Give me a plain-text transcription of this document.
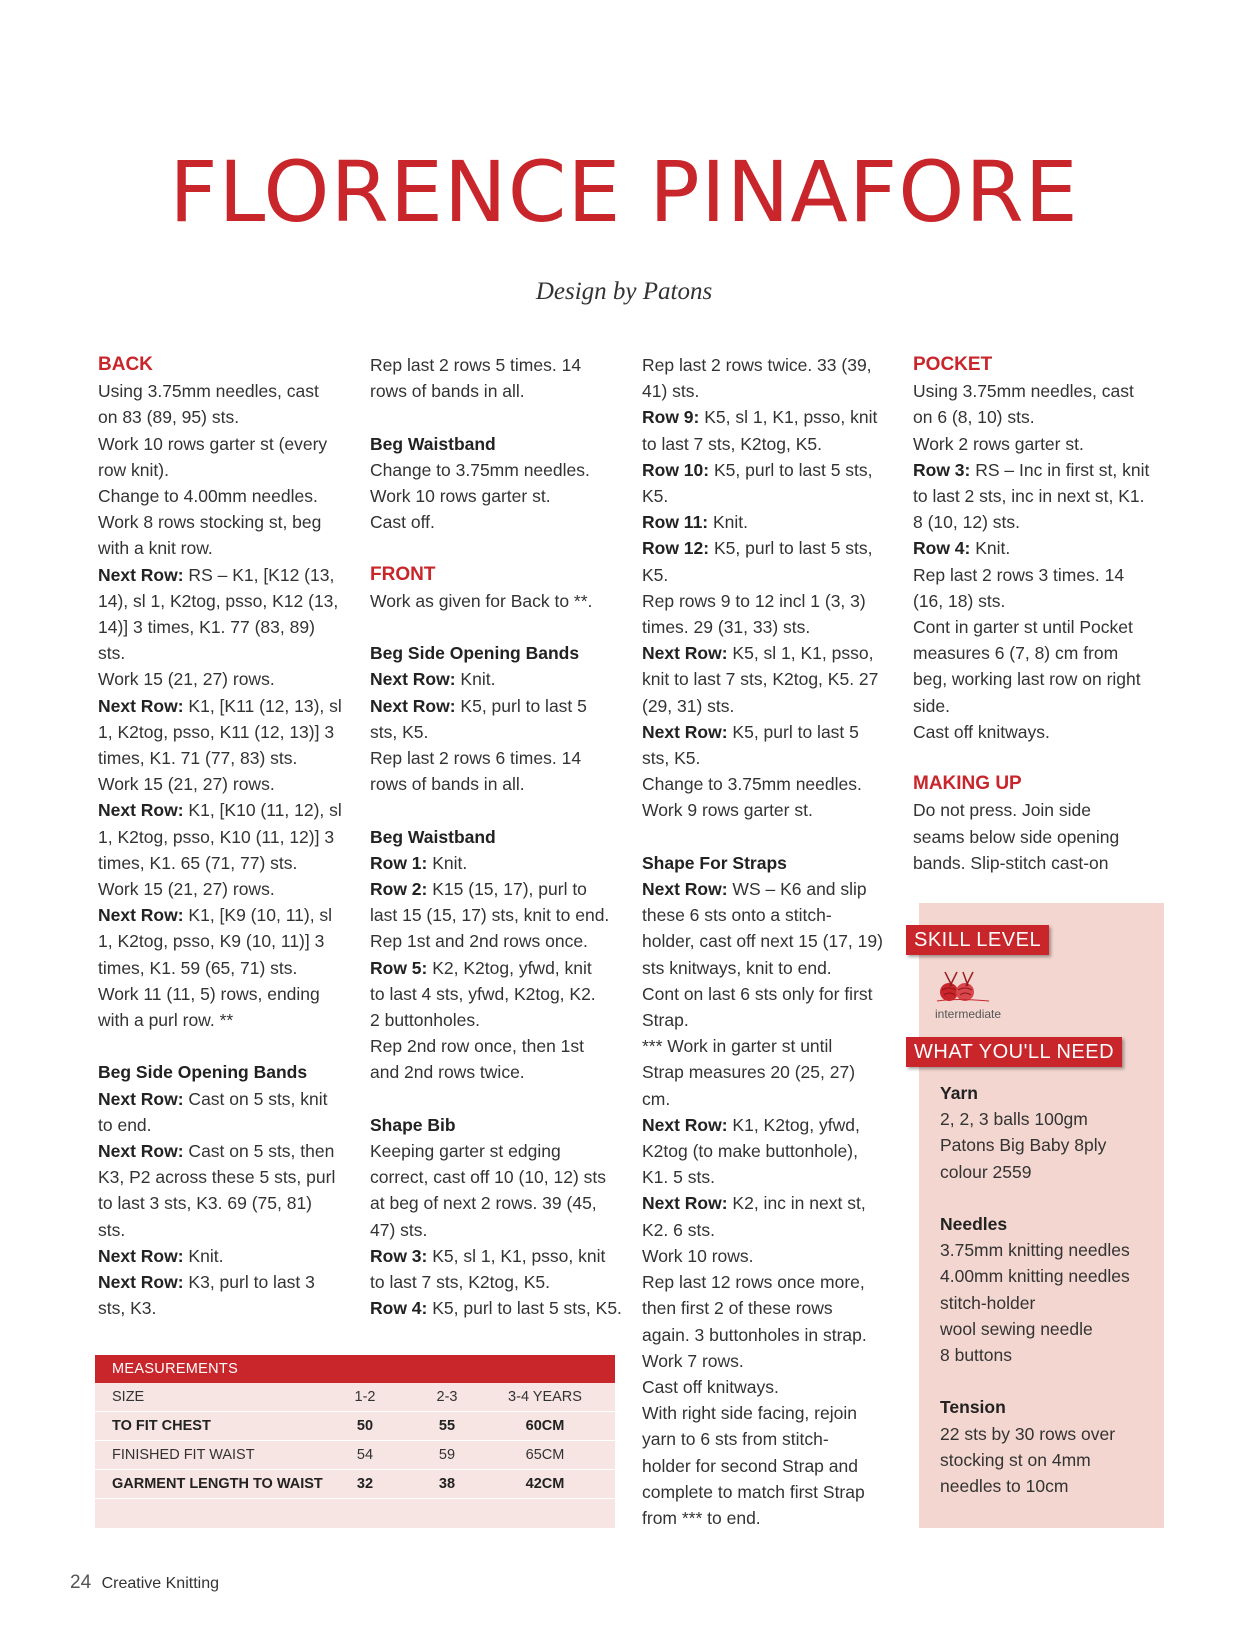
FLORENCE PINAFORE
Design by Patons
BACK
Using 3.75mm needles, cast
on 83 (89, 95) sts.
Work 10 rows garter st (every
row knit).
Change to 4.00mm needles.
Work 8 rows stocking st, beg
with a knit row.
Next Row: RS – K1, [K12 (13,
14), sl 1, K2tog, psso, K12 (13,
14)] 3 times, K1. 77 (83, 89)
sts.
Work 15 (21, 27) rows.
Next Row: K1, [K11 (12, 13), sl
1, K2tog, psso, K11 (12, 13)] 3
times, K1. 71 (77, 83) sts.
Work 15 (21, 27) rows.
Next Row: K1, [K10 (11, 12), sl
1, K2tog, psso, K10 (11, 12)] 3
times, K1. 65 (71, 77) sts.
Work 15 (21, 27) rows.
Next Row: K1, [K9 (10, 11), sl
1, K2tog, psso, K9 (10, 11)] 3
times, K1. 59 (65, 71) sts.
Work 11 (11, 5) rows, ending
with a purl row. **
Beg Side Opening Bands
Next Row: Cast on 5 sts, knit
to end.
Next Row: Cast on 5 sts, then
K3, P2 across these 5 sts, purl
to last 3 sts, K3. 69 (75, 81)
sts.
Next Row: Knit.
Next Row: K3, purl to last 3
sts, K3.
Rep last 2 rows 5 times. 14
rows of bands in all.
Beg Waistband
Change to 3.75mm needles.
Work 10 rows garter st.
Cast off.
FRONT
Work as given for Back to **.
Beg Side Opening Bands
Next Row: Knit.
Next Row: K5, purl to last 5
sts, K5.
Rep last 2 rows 6 times. 14
rows of bands in all.
Beg Waistband
Row 1: Knit.
Row 2: K15 (15, 17), purl to
last 15 (15, 17) sts, knit to end.
Rep 1st and 2nd rows once.
Row 5: K2, K2tog, yfwd, knit
to last 4 sts, yfwd, K2tog, K2.
2 buttonholes.
Rep 2nd row once, then 1st
and 2nd rows twice.
Shape Bib
Keeping garter st edging
correct, cast off 10 (10, 12) sts
at beg of next 2 rows. 39 (45,
47) sts.
Row 3: K5, sl 1, K1, psso, knit
to last 7 sts, K2tog, K5.
Row 4: K5, purl to last 5 sts, K5.
Rep last 2 rows twice. 33 (39,
41) sts.
Row 9: K5, sl 1, K1, psso, knit
to last 7 sts, K2tog, K5.
Row 10: K5, purl to last 5 sts,
K5.
Row 11: Knit.
Row 12: K5, purl to last 5 sts,
K5.
Rep rows 9 to 12 incl 1 (3, 3)
times. 29 (31, 33) sts.
Next Row: K5, sl 1, K1, psso,
knit to last 7 sts, K2tog, K5. 27
(29, 31) sts.
Next Row: K5, purl to last 5
sts, K5.
Change to 3.75mm needles.
Work 9 rows garter st.
Shape For Straps
Next Row: WS – K6 and slip
these 6 sts onto a stitch-
holder, cast off next 15 (17, 19)
sts knitways, knit to end.
Cont on last 6 sts only for first
Strap.
*** Work in garter st until
Strap measures 20 (25, 27)
cm.
Next Row: K1, K2tog, yfwd,
K2tog (to make buttonhole),
K1. 5 sts.
Next Row: K2, inc in next st,
K2. 6 sts.
Work 10 rows.
Rep last 12 rows once more,
then first 2 of these rows
again. 3 buttonholes in strap.
Work 7 rows.
Cast off knitways.
With right side facing, rejoin
yarn to 6 sts from stitch-
holder for second Strap and
complete to match first Strap
from *** to end.
POCKET
Using 3.75mm needles, cast
on 6 (8, 10) sts.
Work 2 rows garter st.
Row 3: RS – Inc in first st, knit
to last 2 sts, inc in next st, K1.
8 (10, 12) sts.
Row 4: Knit.
Rep last 2 rows 3 times. 14
(16, 18) sts.
Cont in garter st until Pocket
measures 6 (7, 8) cm from
beg, working last row on right
side.
Cast off knitways.
MAKING UP
Do not press. Join side
seams below side opening
bands. Slip-stitch cast-on
MEASUREMENTS
SIZE	1-2	2-3	3-4 YEARS
TO FIT CHEST	50	55	60CM
FINISHED FIT WAIST	54	59	65CM
GARMENT LENGTH TO WAIST	32	38	42CM
SKILL LEVEL
intermediate
WHAT YOU'LL NEED
Yarn
2, 2, 3 balls 100gm
Patons Big Baby 8ply
colour 2559
Needles
3.75mm knitting needles
4.00mm knitting needles
stitch-holder
wool sewing needle
8 buttons
Tension
22 sts by 30 rows over
stocking st on 4mm
needles to 10cm
24 Creative Knitting
